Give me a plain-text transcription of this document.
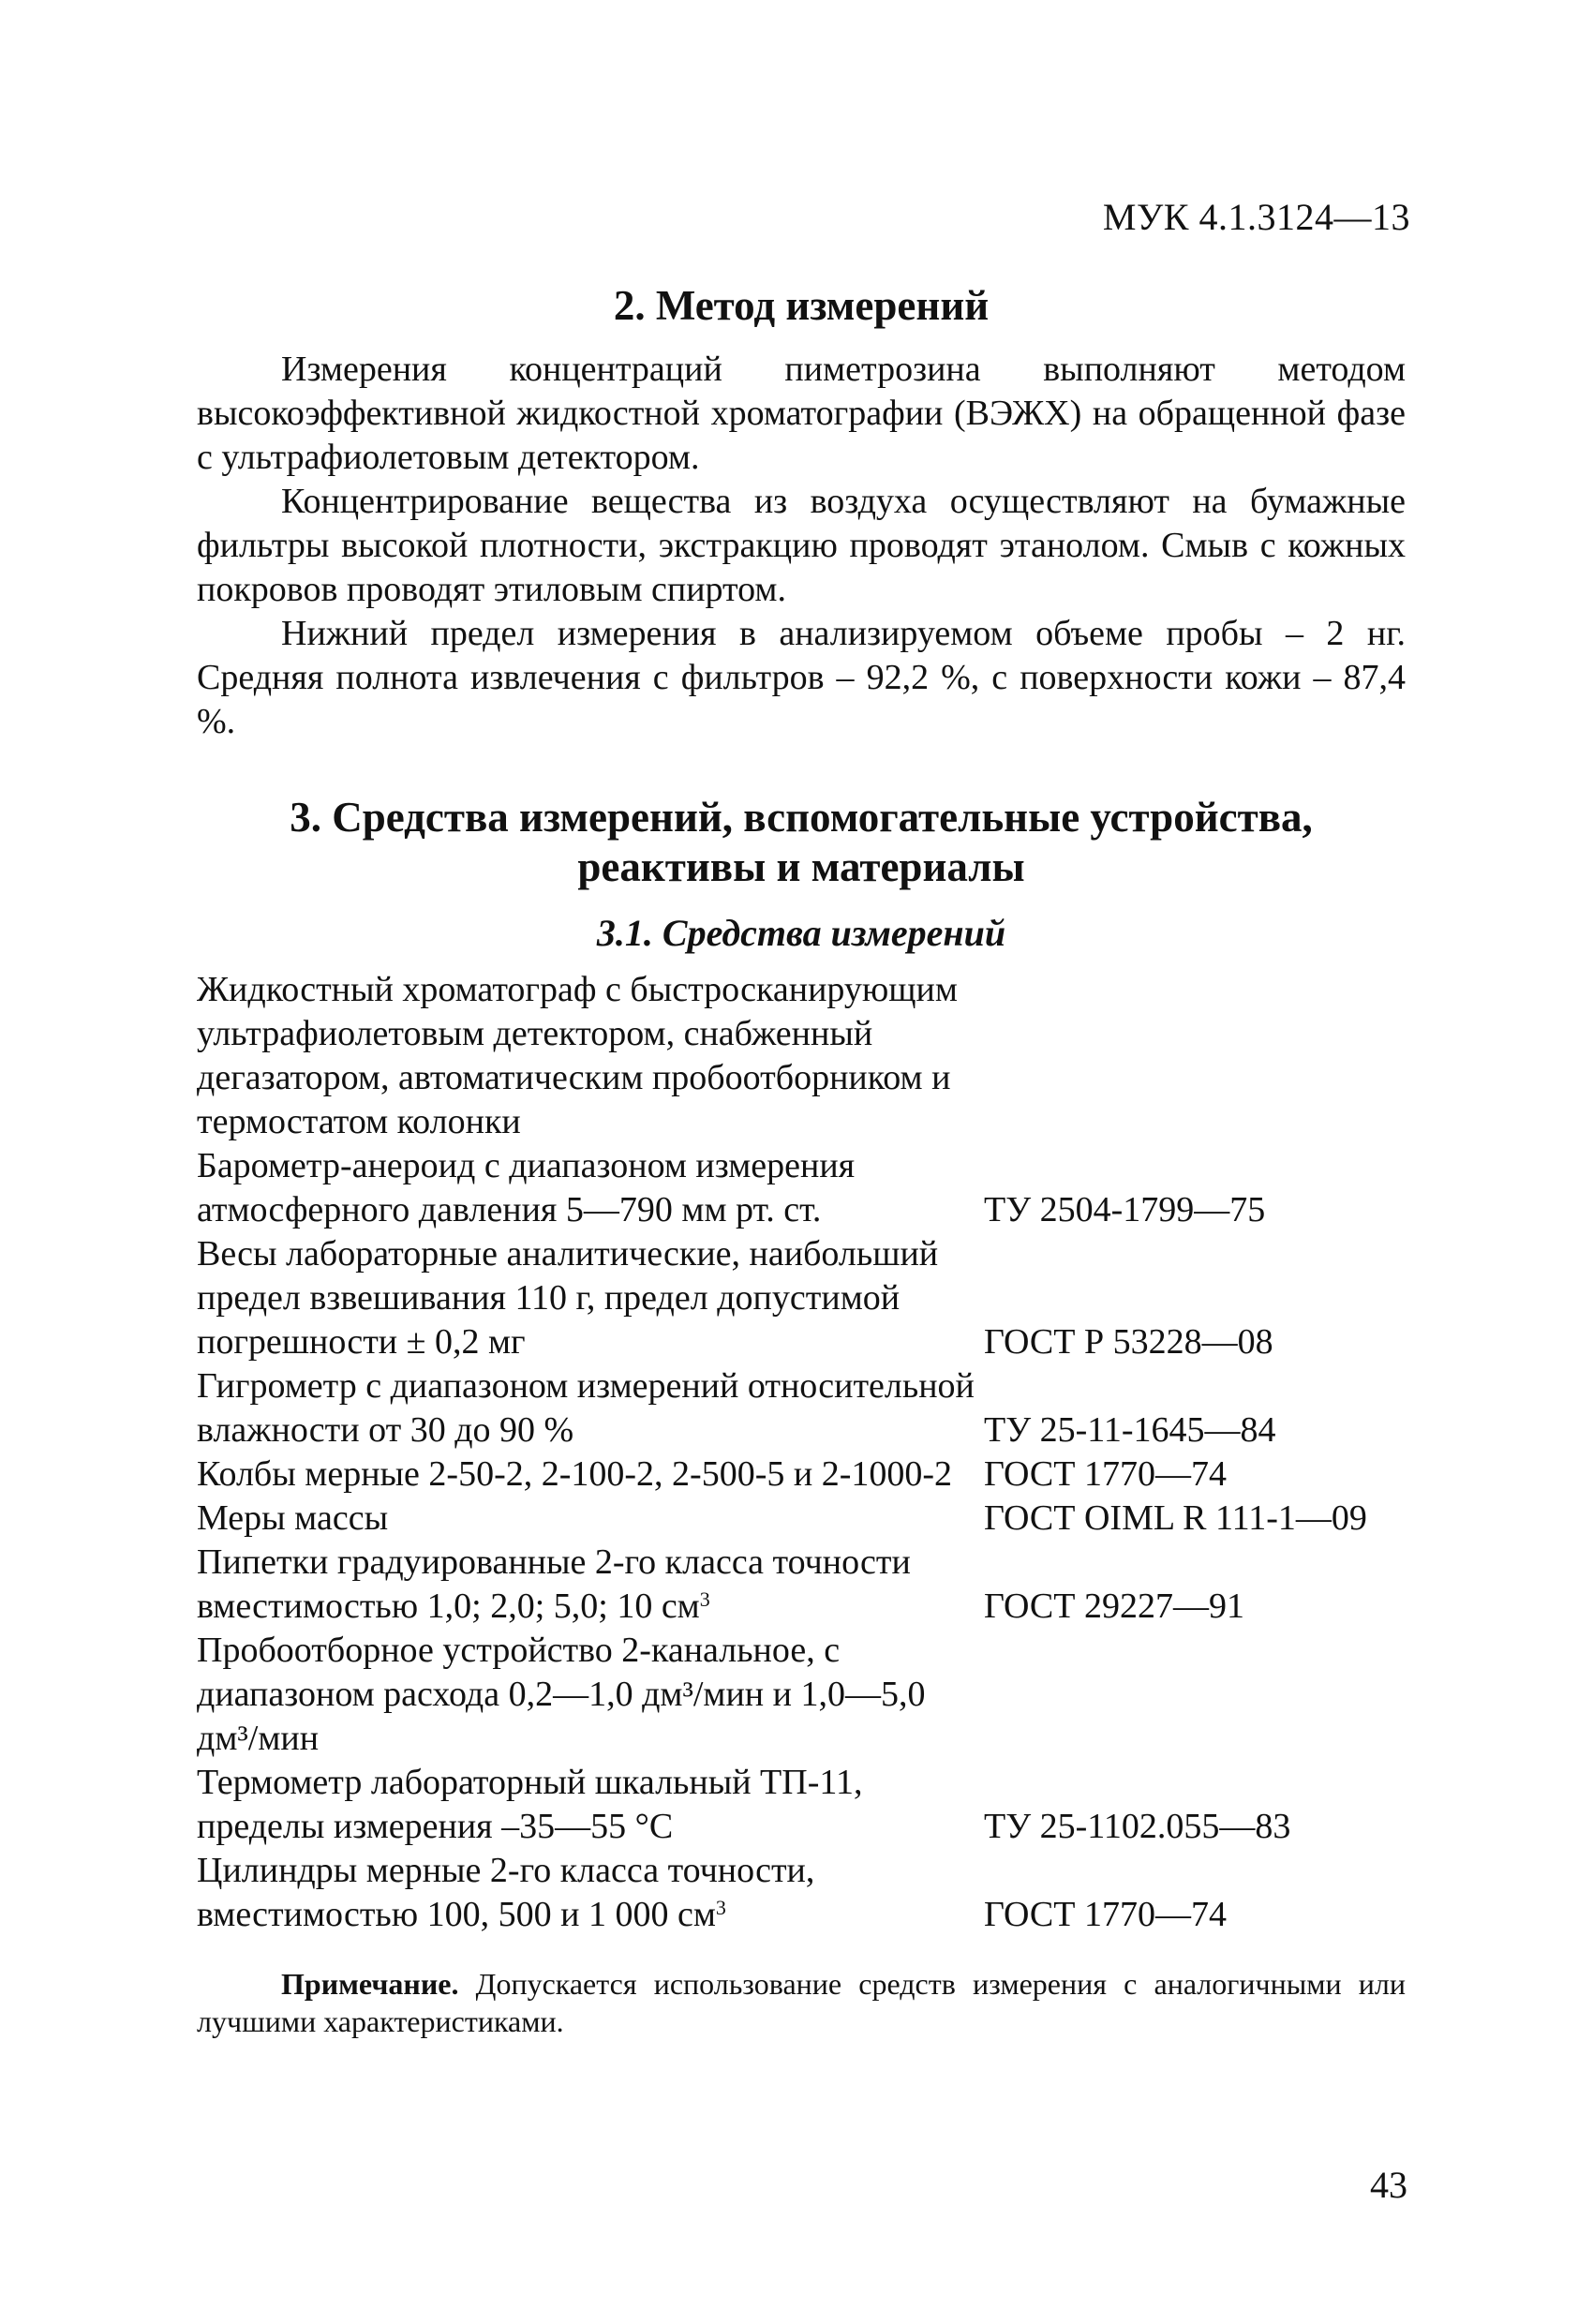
МУК 4.1.3124—13
2. Метод измерений

Измерения концентраций пиметрозина выполняют методом высокоэффективной жидкостной хроматографии (ВЭЖХ) на обращенной фазе с ультрафиолетовым детектором.

Концентрирование вещества из воздуха осуществляют на бумажные фильтры высокой плотности, экстракцию проводят этанолом. Смыв с кожных покровов проводят этиловым спиртом.

Нижний предел измерения в анализируемом объеме пробы – 2 нг. Средняя полнота извлечения с фильтров – 92,2 %, с поверхности кожи – 87,4 %.

3. Средства измерений, вспомогательные устройства,
реактивы и материалы
3.1. Средства измерений
Жидкостный хроматограф с быстросканирующим ультрафиолетовым детектором, снабженный дегазатором, автоматическим пробоотборником и термостатом колонки
Барометр-анероид с диапазоном измерения атмосферного давления 5—790 мм рт. ст.	ТУ 2504-1799—75
Весы лабораторные аналитические, наибольший предел взвешивания 110 г, предел допустимой погрешности ± 0,2 мг	ГОСТ Р 53228—08
Гигрометр с диапазоном измерений относительной влажности от 30 до 90 %	ТУ 25-11-1645—84
Колбы мерные 2-50-2, 2-100-2, 2-500-5 и 2-1000-2 ГОСТ 1770—74
Меры массы	ГОСТ OIML R 111-1—09
Пипетки градуированные 2-го класса точности вместимостью 1,0; 2,0; 5,0; 10 $см^3$	ГОСТ 29227—91
Пробоотборное устройство 2-канальное, с диапазоном расхода 0,2—1,0 дм³/мин и 1,0—5,0 дм³/мин
Термометр лабораторный шкальный ТП-11, пределы измерения –35—55 °С	ТУ 25-1102.055—83
Цилиндры мерные 2-го класса точности, вместимостью 100, 500 и 1 000 $см^3$	ГОСТ 1770—74

Примечание. Допускается использование средств измерения с аналогичными или лучшими характеристиками.

43
